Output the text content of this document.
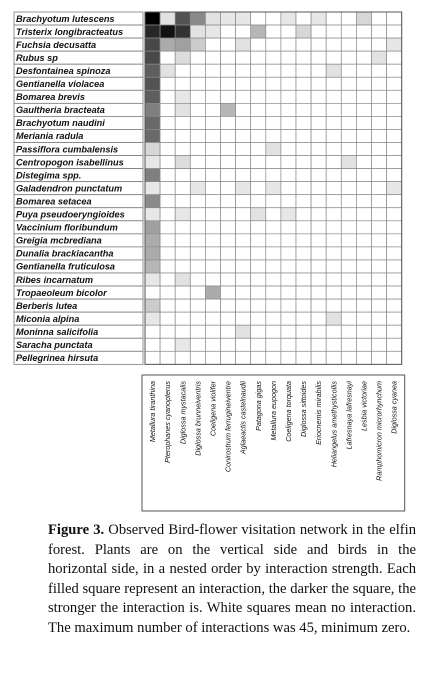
Brachyotum lutescens
Tristerix longibracteatus
Fuchsia decusatta
Rubus sp
Desfontainea spinoza
Gentianella violacea
Bomarea brevis
Gaultheria bracteata
Brachyotum naudini
Meriania radula
Passiflora cumbalensis
Centropogon isabellinus
Distegima spp.
Galadendron punctatum
Bomarea setacea
Puya pseudoeryngioides
Vaccinium floribundum
Greigia mcbrediana
Dunalia brackiacantha
Gentianella fruticulosa
Ribes incarnatum
Tropaeoleum bicolor
Berberis lutea
Miconia alpina
Moninna salicifolia
Saracha punctata
Pellegrinea hirsuta
Metallura tiranthina Pterophanes cyanopterus Diglossa mystacalis Diglossa brunneiventris Coeligena violifer Conirostrum ferrugineiventre Aglaeactis castelnaudii Patagona gigas Metallura eupogon Coeligena torquata Diglossa sittoides Eriocnemis mirabilis Heliangelus amethysticollis Lafresnaya lafresnayi Lesbia victoriae Ramphomicron microrhynchum Diglossa cyanea

Figure 3. Observed Bird-flower visitation network in the elfin forest. Plants are on the vertical side and birds in the horizontal side, in a nested order by interaction strength. Each filled square represent an interaction, the darker the square, the stronger the interaction is. White squares mean no interaction. The maximum number of interactions was 45, minimum zero.
